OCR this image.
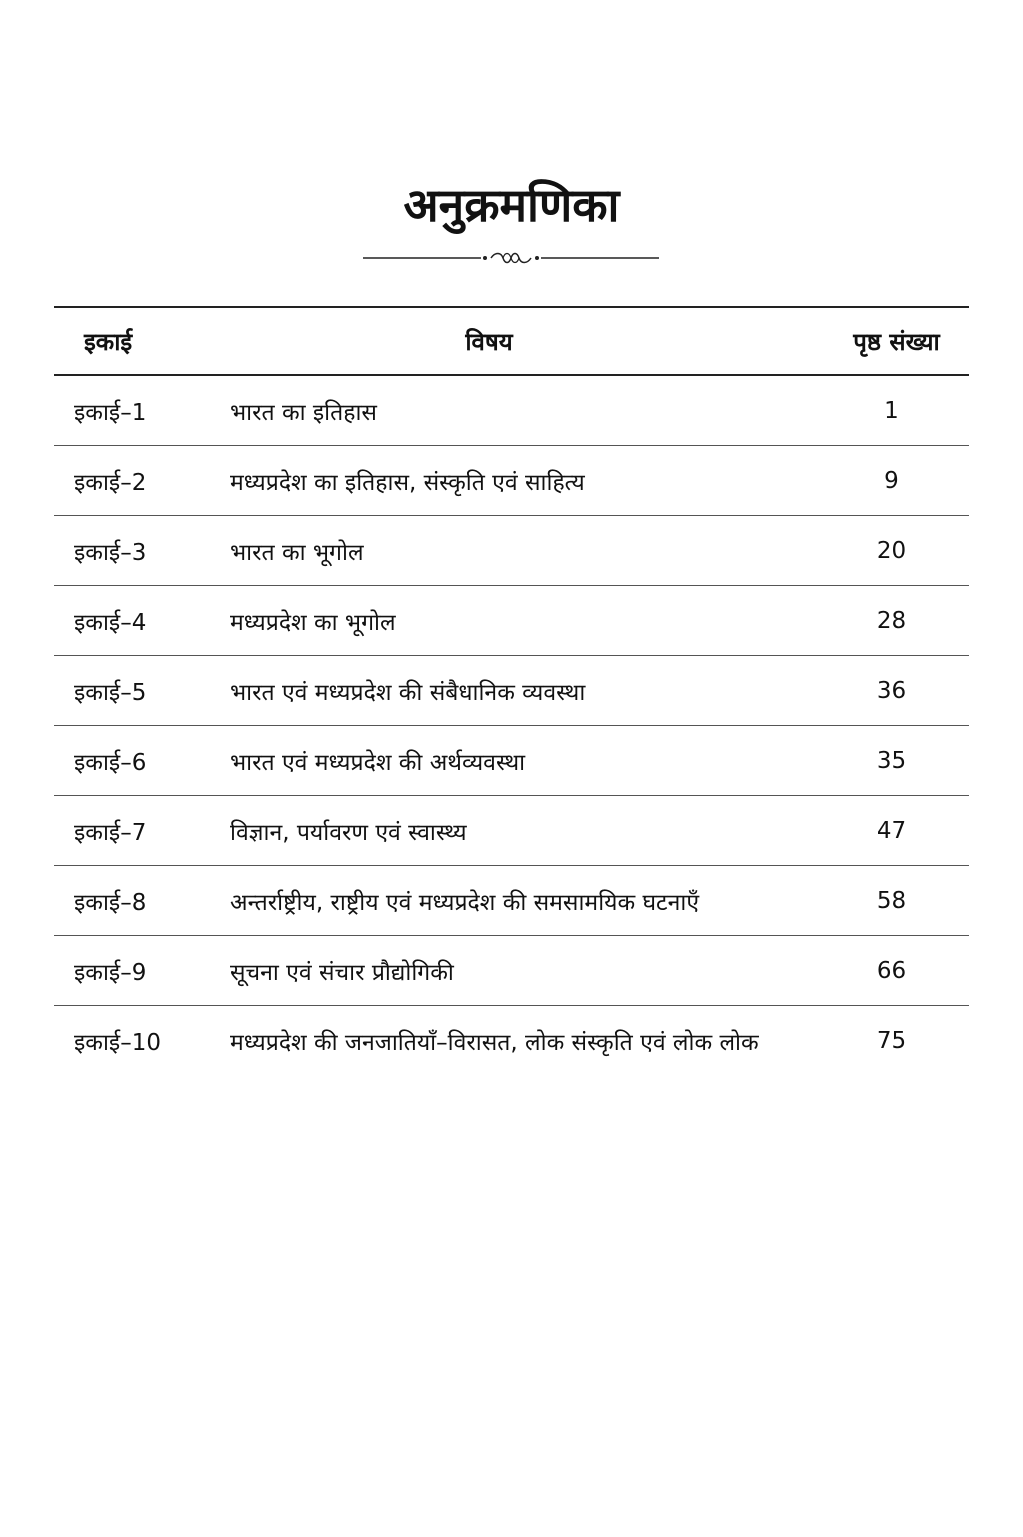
अनुक्रमणिका
इकाई	विषय	पृष्ठ संख्या
इकाई–1	भारत का इतिहास	1
इकाई–2	मध्यप्रदेश का इतिहास, संस्कृति एवं साहित्य	9
इकाई–3	भारत का भूगोल	20
इकाई–4	मध्यप्रदेश का भूगोल	28
इकाई–5	भारत एवं मध्यप्रदेश की संबैधानिक व्यवस्था	36
इकाई–6	भारत एवं मध्यप्रदेश की अर्थव्यवस्था	35
इकाई–7	विज्ञान, पर्यावरण एवं स्वास्थ्य	47
इकाई–8	अन्तर्राष्ट्रीय, राष्ट्रीय एवं मध्यप्रदेश की समसामयिक घटनाएँ	58
इकाई–9	सूचना एवं संचार प्रौद्योगिकी	66
इकाई–10	मध्यप्रदेश की जनजातियाँ–विरासत, लोक संस्कृति एवं लोक लोक	75
